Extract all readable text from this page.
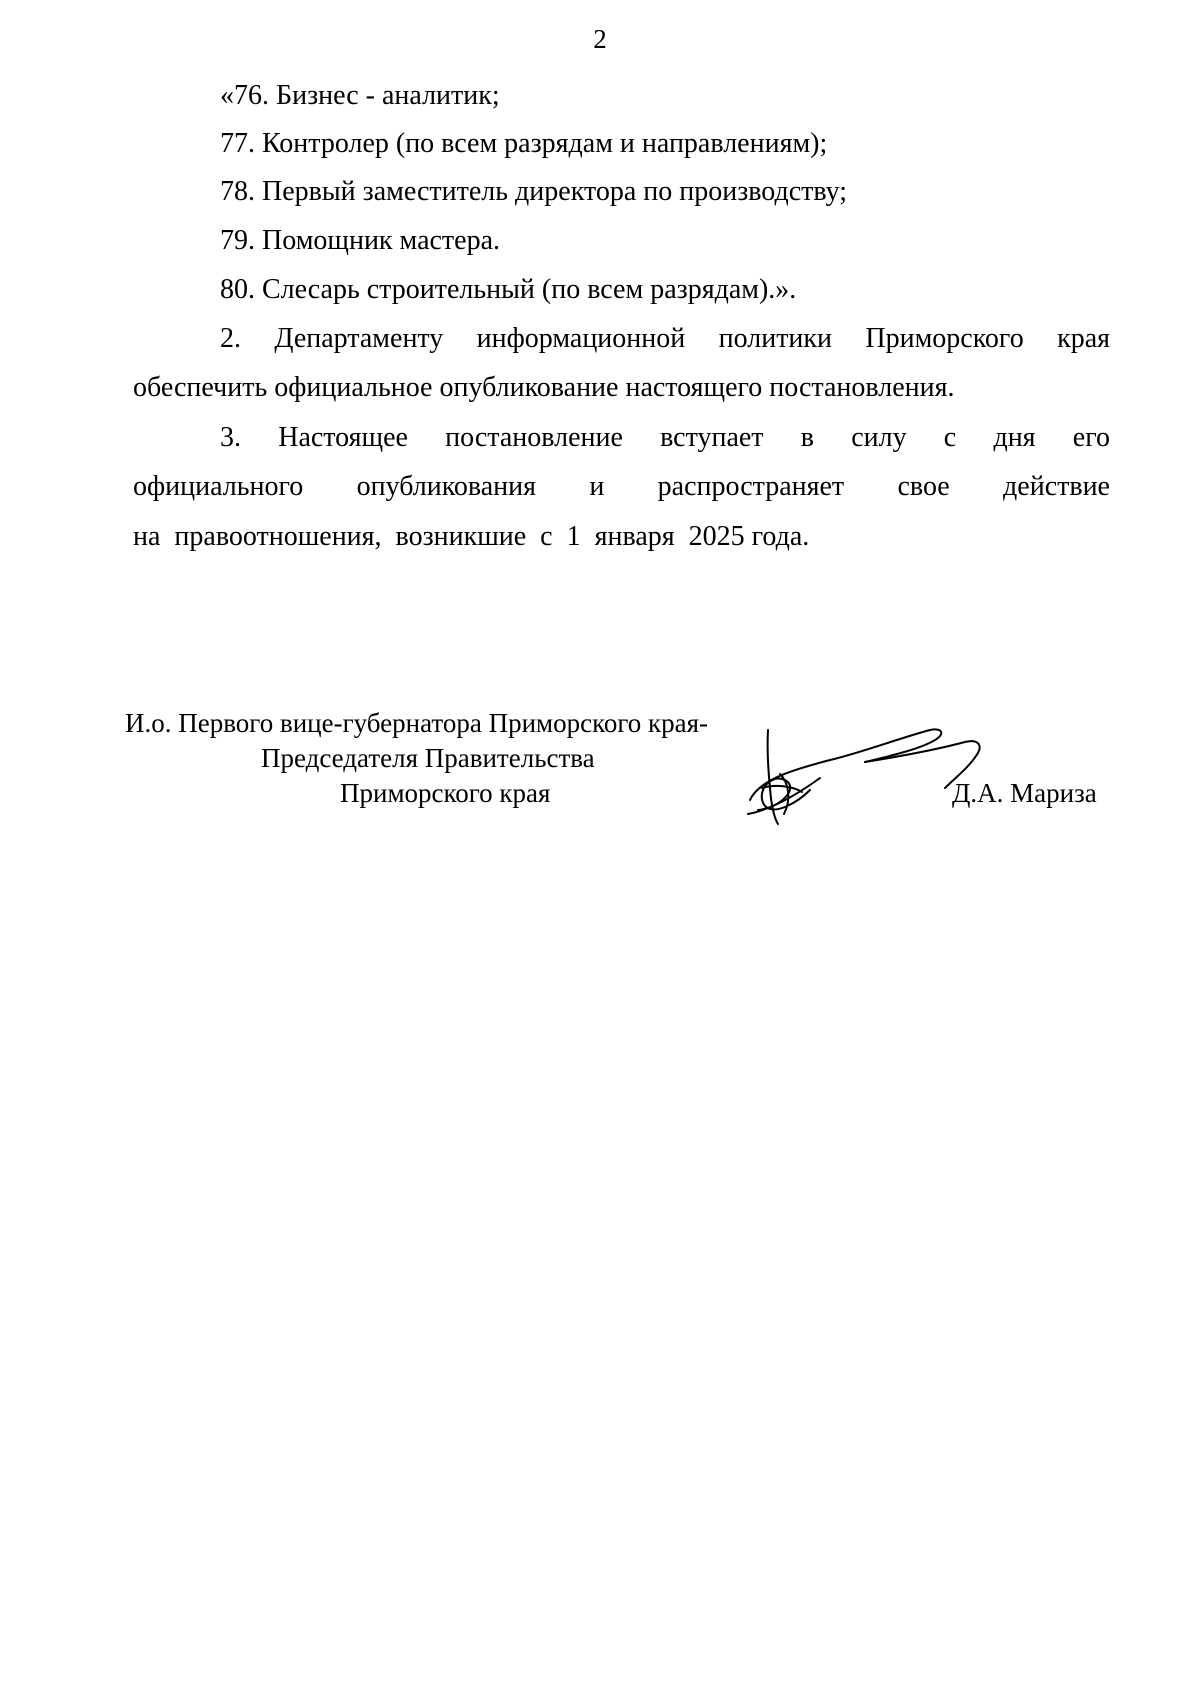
2
«76. Бизнес - аналитик;
77. Контролер (по всем разрядам и направлениям);
78. Первый заместитель директора по производству;
79. Помощник мастера.
80. Слесарь строительный (по всем разрядам).».
2. Департаменту информационной политики Приморского края
обеспечить официальное опубликование настоящего постановления.
3. Настоящее постановление вступает в силу с дня его
официального опубликования и распространяет свое действие
на  правоотношения,  возникшие  с  1  января  2025 года.
И.о. Первого вице-губернатора Приморского края-
Председателя Правительства
Приморского края	Д.А. Мариза
